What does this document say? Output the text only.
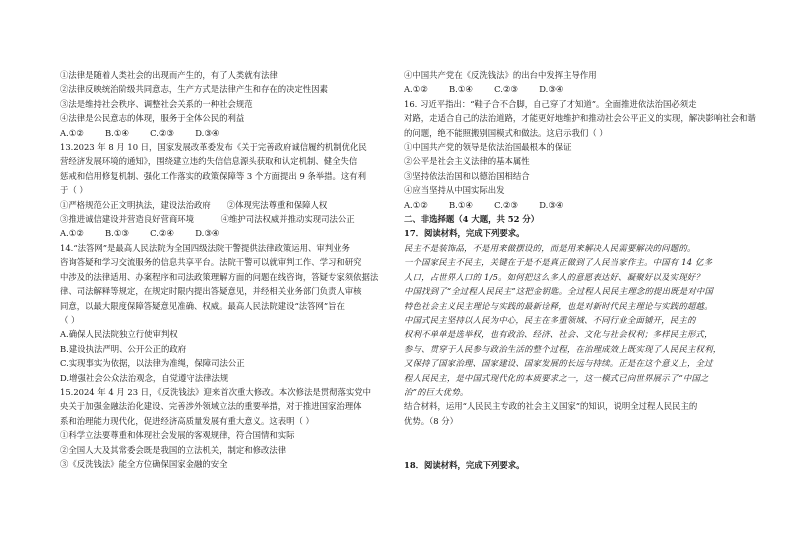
①法律是随着人类社会的出现而产生的，有了人类就有法律
②法律反映统治阶级共同意志，生产方式是法律产生和存在的决定性因素
③法是维持社会秩序、调整社会关系的一种社会规范
④法律是公民意志的体现，服务于全体公民的利益
A.①②        B.①④        C.②③        D.③④
13.2023 年 8 月 10 日，国家发展改革委发布《关于完善政府诚信履约机制优化民
营经济发展环境的通知》，围绕建立违约失信信息源头获取和认定机制、健全失信
惩戒和信用修复机制、强化工作落实的政策保障等 3 个方面提出 9 条举措。这有利
于（ ）
①严格规范公正文明执法，建设法治政府      ②体现宪法尊重和保障人权
③推进诚信建设并营造良好营商环境          ④维护司法权威并推动实现司法公正
A.①②        B.①③        C.②④        D.③④
14.“法答网”是最高人民法院为全国四级法院干警提供法律政策运用、审判业务
咨询答疑和学习交流服务的信息共享平台。法院干警可以就审判工作、学习和研究
中涉及的法律适用、办案程序和司法政策理解方面的问题在线咨询，答疑专家须依据法
律、司法解释等规定，在规定时限内提出答疑意见，并经相关业务部门负责人审核
同意，以最大限度保障答疑意见准确、权威。最高人民法院建设“法答网”旨在
（ ）
A.确保人民法院独立行使审判权
B.建设执法严明、公开公正的政府
C.实现事实为依据，以法律为准绳，保障司法公正
D.增强社会公众法治观念，自觉遵守法律法规
15.2024 年 4 月 23 日，《反洗钱法》迎来首次重大修改。本次修法是贯彻落实党中
央关于加强金融法治化建设、完善涉外领域立法的重要举措，对于推进国家治理体
系和治理能力现代化，促进经济高质量发展有重大意义。这表明（ ）
①科学立法要尊重和体现社会发展的客观规律，符合国情和实际
②全国人大及其常委会既是我国的立法机关，制定和修改法律
③《反洗钱法》能全方位确保国家金融的安全
④中国共产党在《反洗钱法》的出台中发挥主导作用
A.①②        B.①④        C.②③        D.③④
16. 习近平指出：“鞋子合不合脚，自己穿了才知道”。全面推进依法治国必须走
对路，走适合自己的法治道路，才能更好地维护和推动社会公平正义的实现，解决影响社会和谐
的问题，绝不能照搬别国模式和做法。这启示我们（ ）
①中国共产党的领导是依法治国最根本的保证
②公平是社会主义法律的基本属性
③坚持依法治国和以德治国相结合
④应当坚持从中国实际出发
A.①②        B.①④        C.②③        D.③④
二、非选择题（4 大题，共 52 分）
17．阅读材料，完成下列要求。
民主不是装饰品，不是用来做摆设的，而是用来解决人民需要解决的问题的。
一个国家民主不民主，关键在于是不是真正做到了人民当家作主。中国有 14 亿多
人口，占世界人口的 1/5。如何把这么多人的意愿表达好、凝聚好以及实现好？
中国找到了“全过程人民民主”这把金钥匙。全过程人民民主理念的提出既是对中国
特色社会主义民主理论与实践的最新诠释，也是对新时代民主理论与实践的超越。
中国式民主坚持以人民为中心，民主在多重领域、不同行业全面铺开，民主的
权利不单单是选举权，也有政治、经济、社会、文化与社会权利；多样民主形式，
参与、贯穿于人民参与政治生活的整个过程，在治理成效上既实现了人民民主权利，
又保持了国家治理、国家建设、国家发展的长远与持续。正是在这个意义上，全过
程人民民主，是中国式现代化的本质要求之一，这一模式已向世界展示了“中国之
治”的巨大优势。
结合材料，运用“人民民主专政的社会主义国家”的知识，说明全过程人民民主的
优势。（8 分）
18．阅读材料，完成下列要求。
